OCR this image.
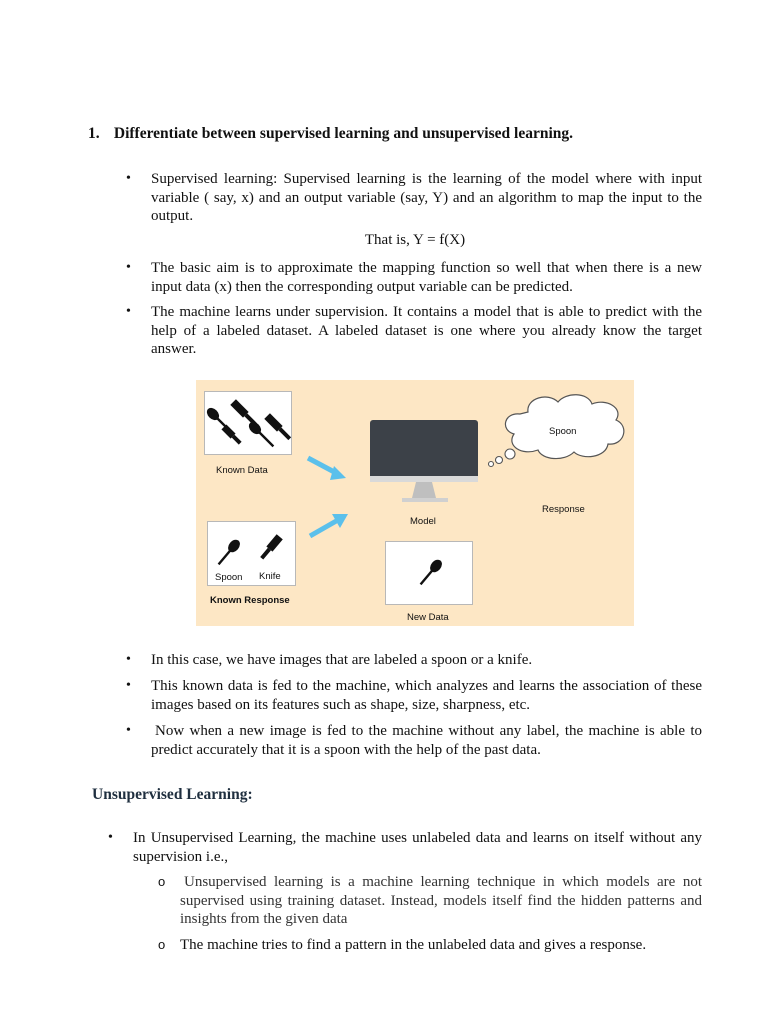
1. Differentiate between supervised learning and unsupervised learning.
• Supervised learning: Supervised learning is the learning of the model where with input variable ( say, x) and an output variable (say, Y) and an algorithm to map the input to the output.
That is, Y = f(X)
• The basic aim is to approximate the mapping function so well that when there is a new input data (x) then the corresponding output variable can be predicted.
• The machine learns under supervision. It contains a model that is able to predict with the help of a labeled dataset. A labeled dataset is one where you already know the target answer.
Known Data
Spoon Knife
Known Response
Model
Spoon
Response
New Data
• In this case, we have images that are labeled a spoon or a knife.
• This known data is fed to the machine, which analyzes and learns the association of these images based on its features such as shape, size, sharpness, etc.
• Now when a new image is fed to the machine without any label, the machine is able to predict accurately that it is a spoon with the help of the past data.
Unsupervised Learning:
• In Unsupervised Learning, the machine uses unlabeled data and learns on itself without any supervision i.e.,
o Unsupervised learning is a machine learning technique in which models are not supervised using training dataset. Instead, models itself find the hidden patterns and insights from the given data
o The machine tries to find a pattern in the unlabeled data and gives a response.
